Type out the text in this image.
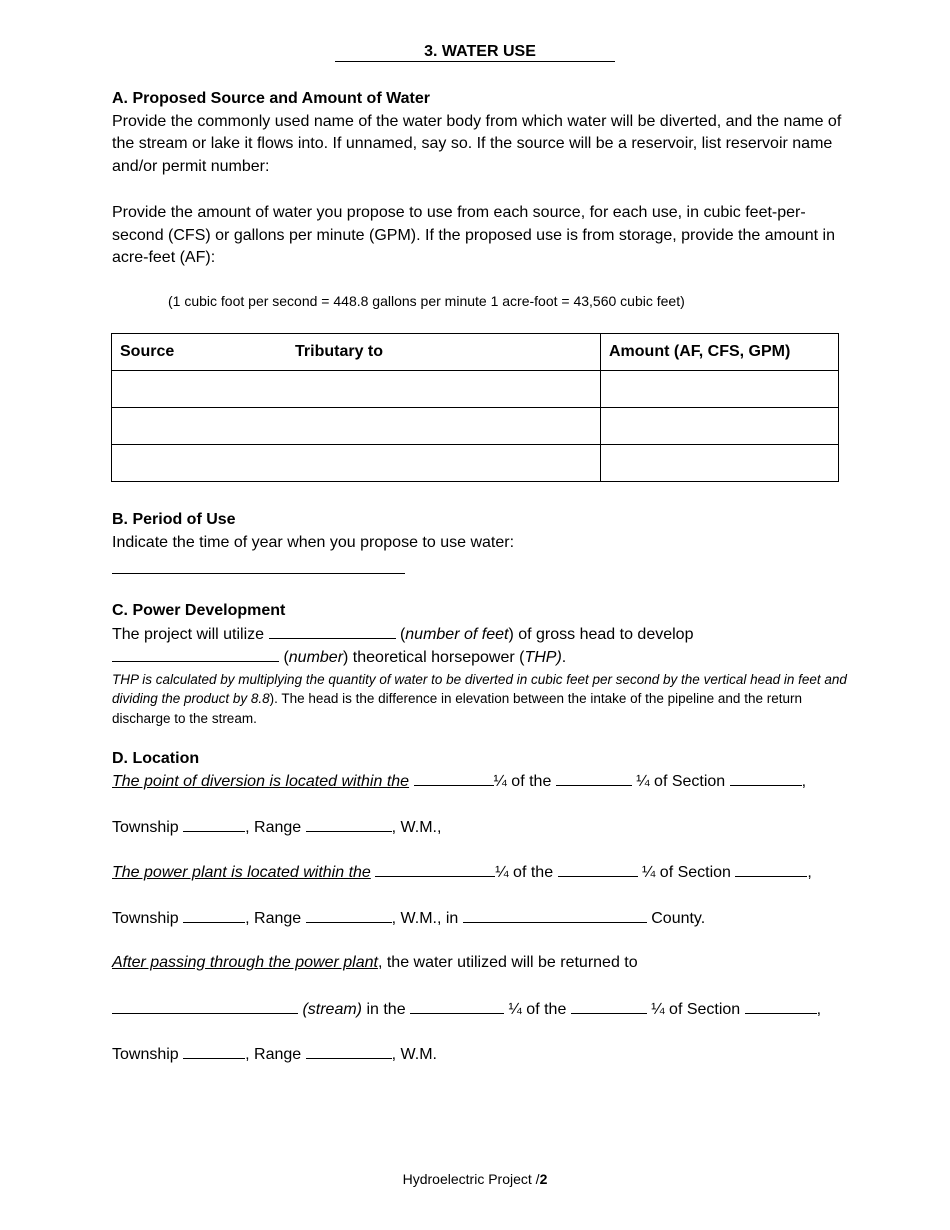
3. WATER USE
A. Proposed Source and Amount of Water
Provide the commonly used name of the water body from which water will be diverted, and the name of the stream or lake it flows into. If unnamed, say so. If the source will be a reservoir, list reservoir name and/or permit number:
Provide the amount of water you propose to use from each source, for each use, in cubic feet-per-second (CFS) or gallons per minute (GPM). If the proposed use is from storage, provide the amount in acre-feet (AF):
(1 cubic foot per second = 448.8 gallons per minute 1 acre-foot = 43,560 cubic feet)
Source Tributary to	Amount (AF, CFS, GPM)

B. Period of Use
Indicate the time of year when you propose to use water:
C. Power Development
The project will utilize	(number of feet) of gross head to develop
(number) theoretical horsepower (THP).
THP is calculated by multiplying the quantity of water to be diverted in cubic feet per second by the vertical head in feet and dividing the product by 8.8). The head is the difference in elevation between the intake of the pipeline and the return discharge to the stream.
D. Location
The point of diversion is located within the	¼ of the	¼ of Section	,
Township	, Range	, W.M.,
The power plant is located within the	¼ of the	¼ of Section	,
Township	, Range	, W.M., in	County.
After passing through the power plant, the water utilized will be returned to
(stream) in the	¼ of the	¼ of Section	,
Township	, Range	, W.M.
Hydroelectric Project /2
